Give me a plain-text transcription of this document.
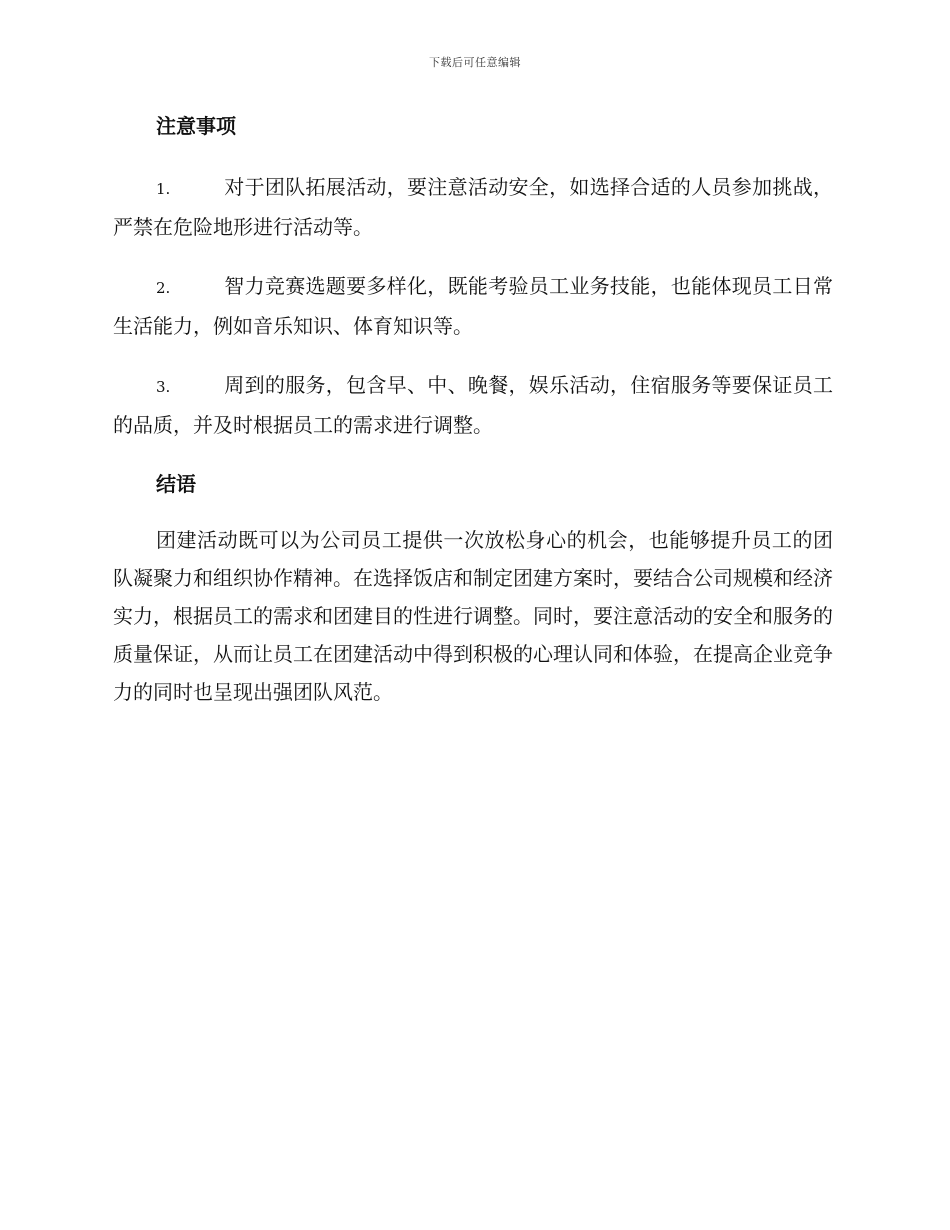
下载后可任意编辑
注意事项
1.	对于团队拓展活动，要注意活动安全，如选择合适的人员参加挑战，严禁在危险地形进行活动等。
2.	智力竞赛选题要多样化，既能考验员工业务技能，也能体现员工日常生活能力，例如音乐知识、体育知识等。
3.	周到的服务，包含早、中、晚餐，娱乐活动，住宿服务等要保证员工的品质，并及时根据员工的需求进行调整。
结语
团建活动既可以为公司员工提供一次放松身心的机会，也能够提升员工的团队凝聚力和组织协作精神。在选择饭店和制定团建方案时，要结合公司规模和经济实力，根据员工的需求和团建目的性进行调整。同时，要注意活动的安全和服务的质量保证，从而让员工在团建活动中得到积极的心理认同和体验，在提高企业竞争力的同时也呈现出强团队风范。
